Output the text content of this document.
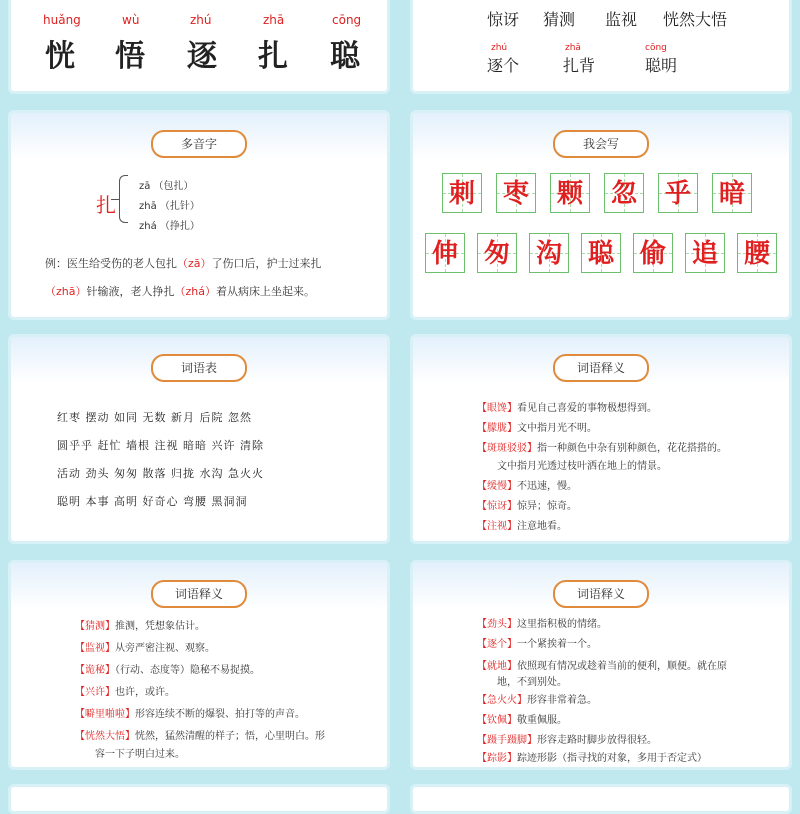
huǎng
恍
wù
悟
zhú
逐
zhā
扎
cōng
聪
惊讶 猜测 监视 恍然大悟
zhú
逐个
zhā
扎背
cōng
聪明
多音字
扎
zā （包扎）
zhā （扎针）
zhá （挣扎）
例：医生给受伤的老人包扎（zā）了伤口后，护士过来扎
（zhā）针输液，老人挣扎（zhá）着从病床上坐起来。
我会写
刺 枣 颗 忽 乎 暗
伸 匆 沟 聪 偷 追 腰
词语表
红枣 摆动 如同 无数 新月 后院 忽然
圆乎乎 赶忙 墙根 注视 暗暗 兴许 清除
活动 劲头 匆匆 散落 归拢 水沟 急火火
聪明 本事 高明 好奇心 弯腰 黑洞洞
词语释义
【眼馋】看见自己喜爱的事物极想得到。
【朦胧】文中指月光不明。
【斑斑驳驳】指一种颜色中杂有别种颜色，花花搭搭的。
文中指月光透过枝叶洒在地上的情景。
【缓慢】不迅速，慢。
【惊讶】惊异；惊奇。
【注视】注意地看。
词语释义
【猜测】推测，凭想象估计。
【监视】从旁严密注视、观察。
【诡秘】（行动、态度等）隐秘不易捉摸。
【兴许】也许，或许。
【噼里啪啦】形容连续不断的爆裂、拍打等的声音。
【恍然大悟】恍然，猛然清醒的样子；悟，心里明白。形
容一下子明白过来。
词语释义
【劲头】这里指积极的情绪。
【逐个】一个紧挨着一个。
【就地】依照现有情况或趁着当前的便利，顺便。就在原
地，不到别处。
【急火火】形容非常着急。
【钦佩】敬重佩服。
【蹑手蹑脚】形容走路时脚步放得很轻。
【踪影】踪迹形影（指寻找的对象，多用于否定式）
